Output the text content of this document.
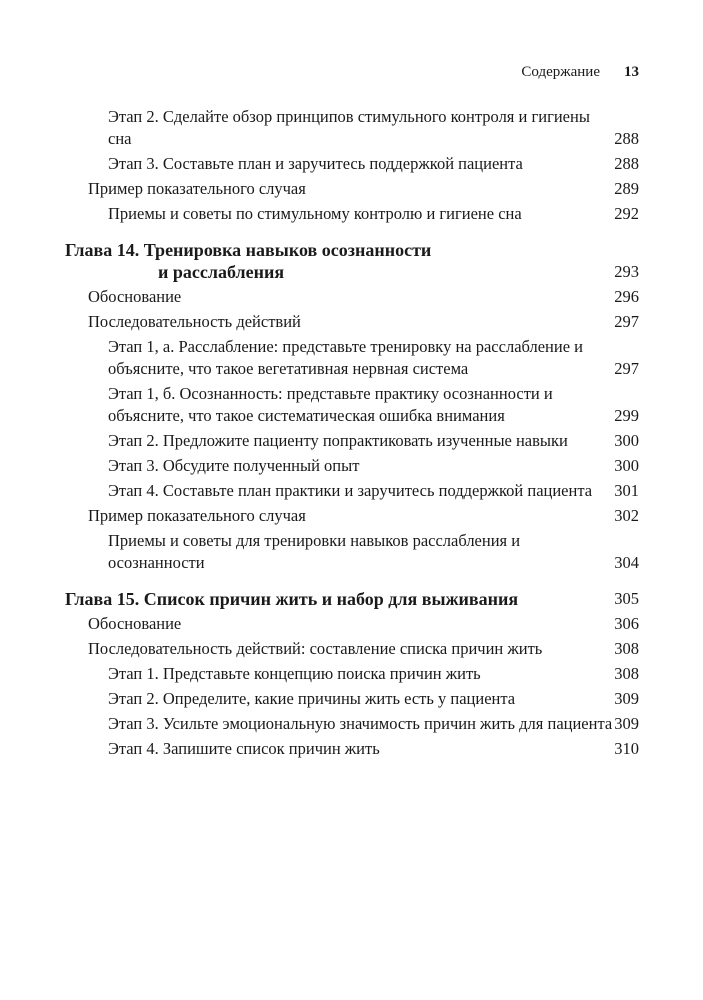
Содержание 13
Этап 2. Сделайте обзор принципов стимульного контроля и гигиены сна	288
Этап 3. Составьте план и заручитесь поддержкой пациента	288
Пример показательного случая	289
Приемы и советы по стимульному контролю и гигиене сна	292
Глава 14. Тренировка навыков осознанности
и расслабления	293
Обоснование	296
Последовательность действий	297
Этап 1, а. Расслабление: представьте тренировку на расслабление и объясните, что такое вегетативная нервная система	297
Этап 1, б. Осознанность: представьте практику осознанности и объясните, что такое систематическая ошибка внимания	299
Этап 2. Предложите пациенту попрактиковать изученные навыки	300
Этап 3. Обсудите полученный опыт	300
Этап 4. Составьте план практики и заручитесь поддержкой пациента	301
Пример показательного случая	302
Приемы и советы для тренировки навыков расслабления и осознанности	304
Глава 15. Список причин жить и набор для выживания	305
Обоснование	306
Последовательность действий: составление списка причин жить	308
Этап 1. Представьте концепцию поиска причин жить	308
Этап 2. Определите, какие причины жить есть у пациента	309
Этап 3. Усильте эмоциональную значимость причин жить для пациента 309
Этап 4. Запишите список причин жить	310
